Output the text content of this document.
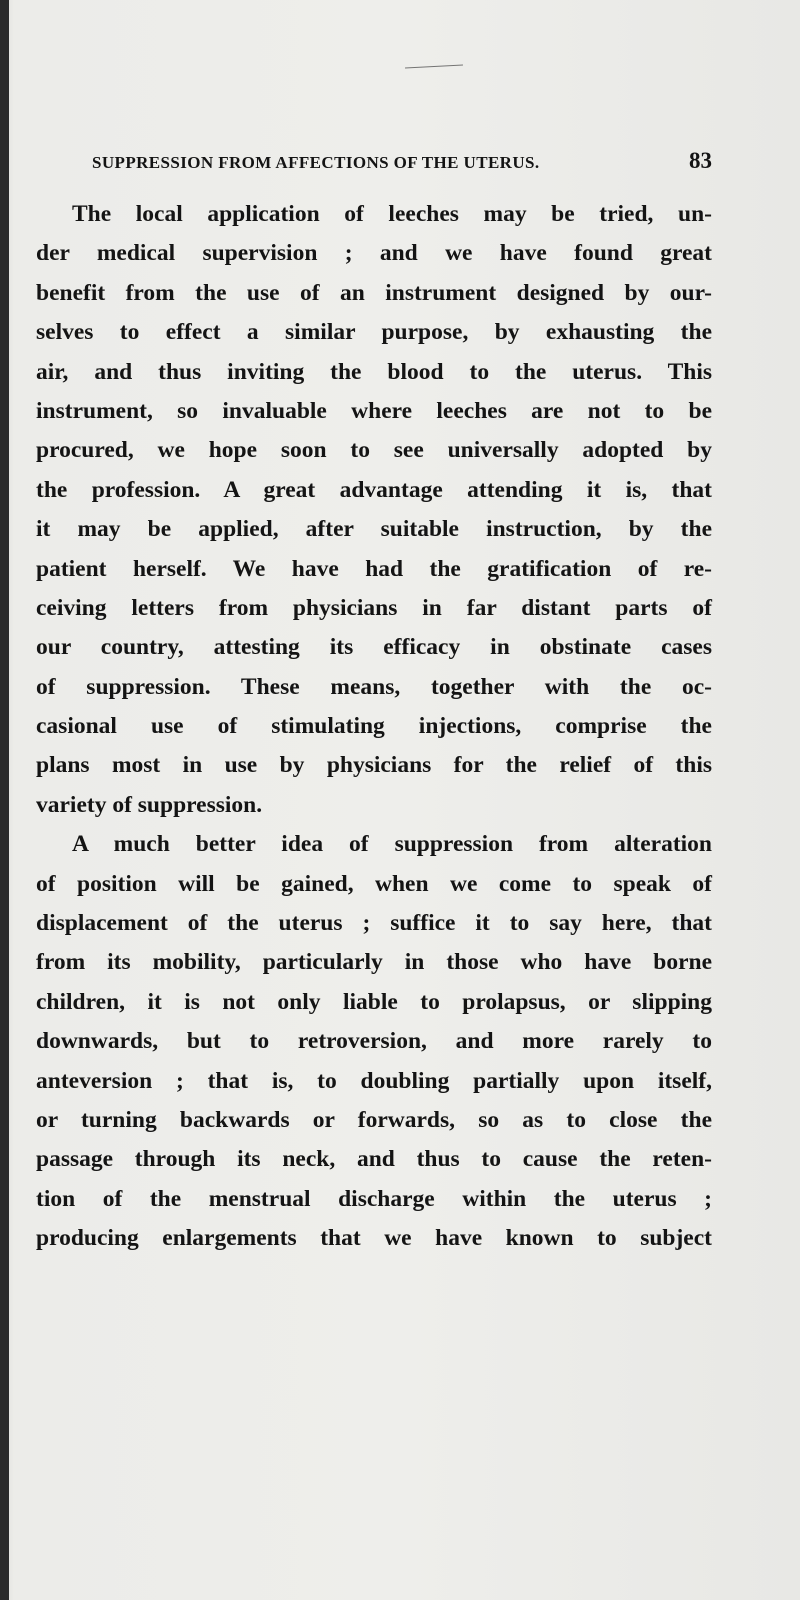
SUPPRESSION FROM AFFECTIONS OF THE UTERUS.	83
The local application of leeches may be tried, un-
der medical supervision ; and we have found great
benefit from the use of an instrument designed by our-
selves to effect a similar purpose, by exhausting the
air, and thus inviting the blood to the uterus. This
instrument, so invaluable where leeches are not to be
procured, we hope soon to see universally adopted by
the profession. A great advantage attending it is, that
it may be applied, after suitable instruction, by the
patient herself. We have had the gratification of re-
ceiving letters from physicians in far distant parts of
our country, attesting its efficacy in obstinate cases
of suppression. These means, together with the oc-
casional use of stimulating injections, comprise the
plans most in use by physicians for the relief of this
variety of suppression.
A much better idea of suppression from alteration
of position will be gained, when we come to speak of
displacement of the uterus ; suffice it to say here, that
from its mobility, particularly in those who have borne
children, it is not only liable to prolapsus, or slipping
downwards, but to retroversion, and more rarely to
anteversion ; that is, to doubling partially upon itself,
or turning backwards or forwards, so as to close the
passage through its neck, and thus to cause the reten-
tion of the menstrual discharge within the uterus ;
producing enlargements that we have known to subject
